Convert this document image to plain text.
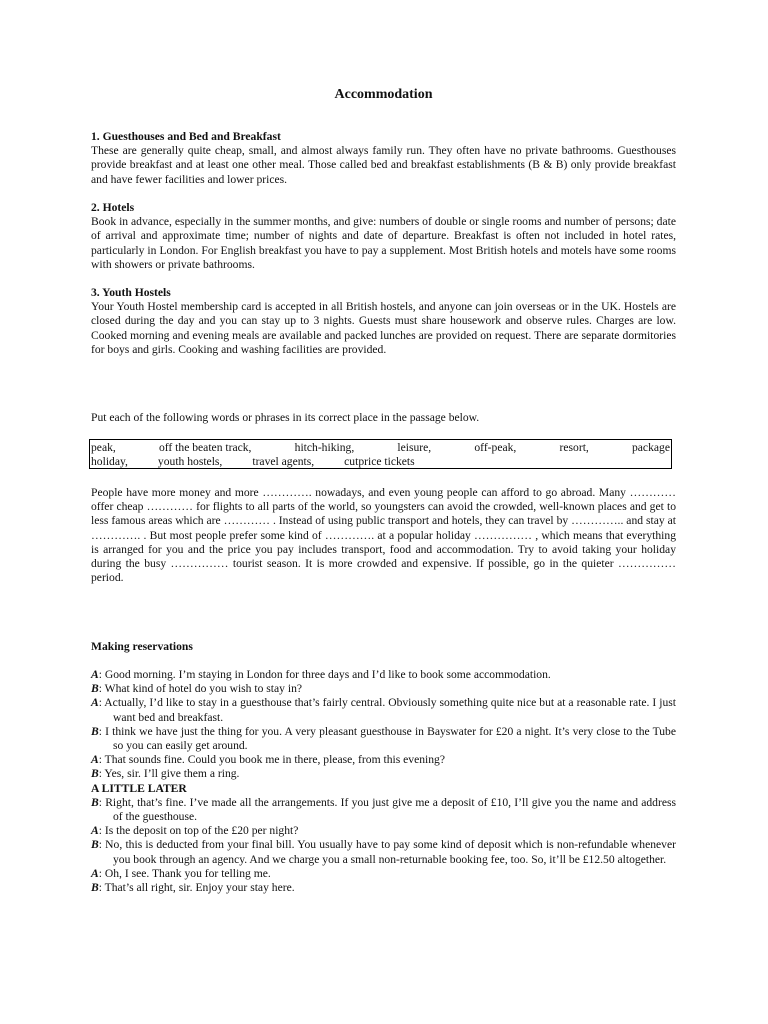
Accommodation
1. Guesthouses and Bed and Breakfast
These are generally quite cheap, small, and almost always family run. They often have no private bathrooms. Guesthouses provide breakfast and at least one other meal. Those called bed and breakfast establishments (B & B) only provide breakfast and have fewer facilities and lower prices.
2. Hotels
Book in advance, especially in the summer months, and give: numbers of double or single rooms and number of persons; date of arrival and approximate time; number of nights and date of departure. Breakfast is often not included in hotel rates, particularly in London. For English breakfast you have to pay a supplement. Most British hotels and motels have some rooms with showers or private bathrooms.
3. Youth Hostels
Your Youth Hostel membership card is accepted in all British hostels, and anyone can join overseas or in the UK. Hostels are closed during the day and you can stay up to 3 nights. Guests must share housework and observe rules. Charges are low. Cooked morning and evening meals are available and packed lunches are provided on request. There are separate dormitories for boys and girls. Cooking and washing facilities are provided.
Put each of the following words or phrases in its correct place in the passage below.
peak,	off the beaten track,	hitch-hiking,	leisure,	off-peak,	resort,	package
holiday,	youth hostels,	travel agents,	cutprice tickets
People have more money and more …………. nowadays, and even young people can afford to go abroad. Many ………… offer cheap ………… for flights to all parts of the world, so youngsters can avoid the crowded, well-known places and get to less famous areas which are ………… . Instead of using public transport and hotels, they can travel by ………….. and stay at …………. . But most people prefer some kind of …………. at a popular holiday …………… , which means that everything is arranged for you and the price you pay includes transport, food and accommodation. Try to avoid taking your holiday during the busy …………… tourist season. It is more crowded and expensive. If possible, go in the quieter …………… period.
Making reservations
A: Good morning. I’m staying in London for three days and I’d like to book some accommodation.
B: What kind of hotel do you wish to stay in?
A: Actually, I’d like to stay in a guesthouse that’s fairly central. Obviously something quite nice but at a reasonable rate. I just want bed and breakfast.
B: I think we have just the thing for you. A very pleasant guesthouse in Bayswater for £20 a night. It’s very close to the Tube so you can easily get around.
A: That sounds fine. Could you book me in there, please, from this evening?
B: Yes, sir. I’ll give them a ring.
A LITTLE LATER
B: Right, that’s fine. I’ve made all the arrangements. If you just give me a deposit of £10, I’ll give you the name and address of the guesthouse.
A: Is the deposit on top of the £20 per night?
B: No, this is deducted from your final bill. You usually have to pay some kind of deposit which is non-refundable whenever you book through an agency. And we charge you a small non-returnable booking fee, too. So, it’ll be £12.50 altogether.
A: Oh, I see. Thank you for telling me.
B: That’s all right, sir. Enjoy your stay here.
